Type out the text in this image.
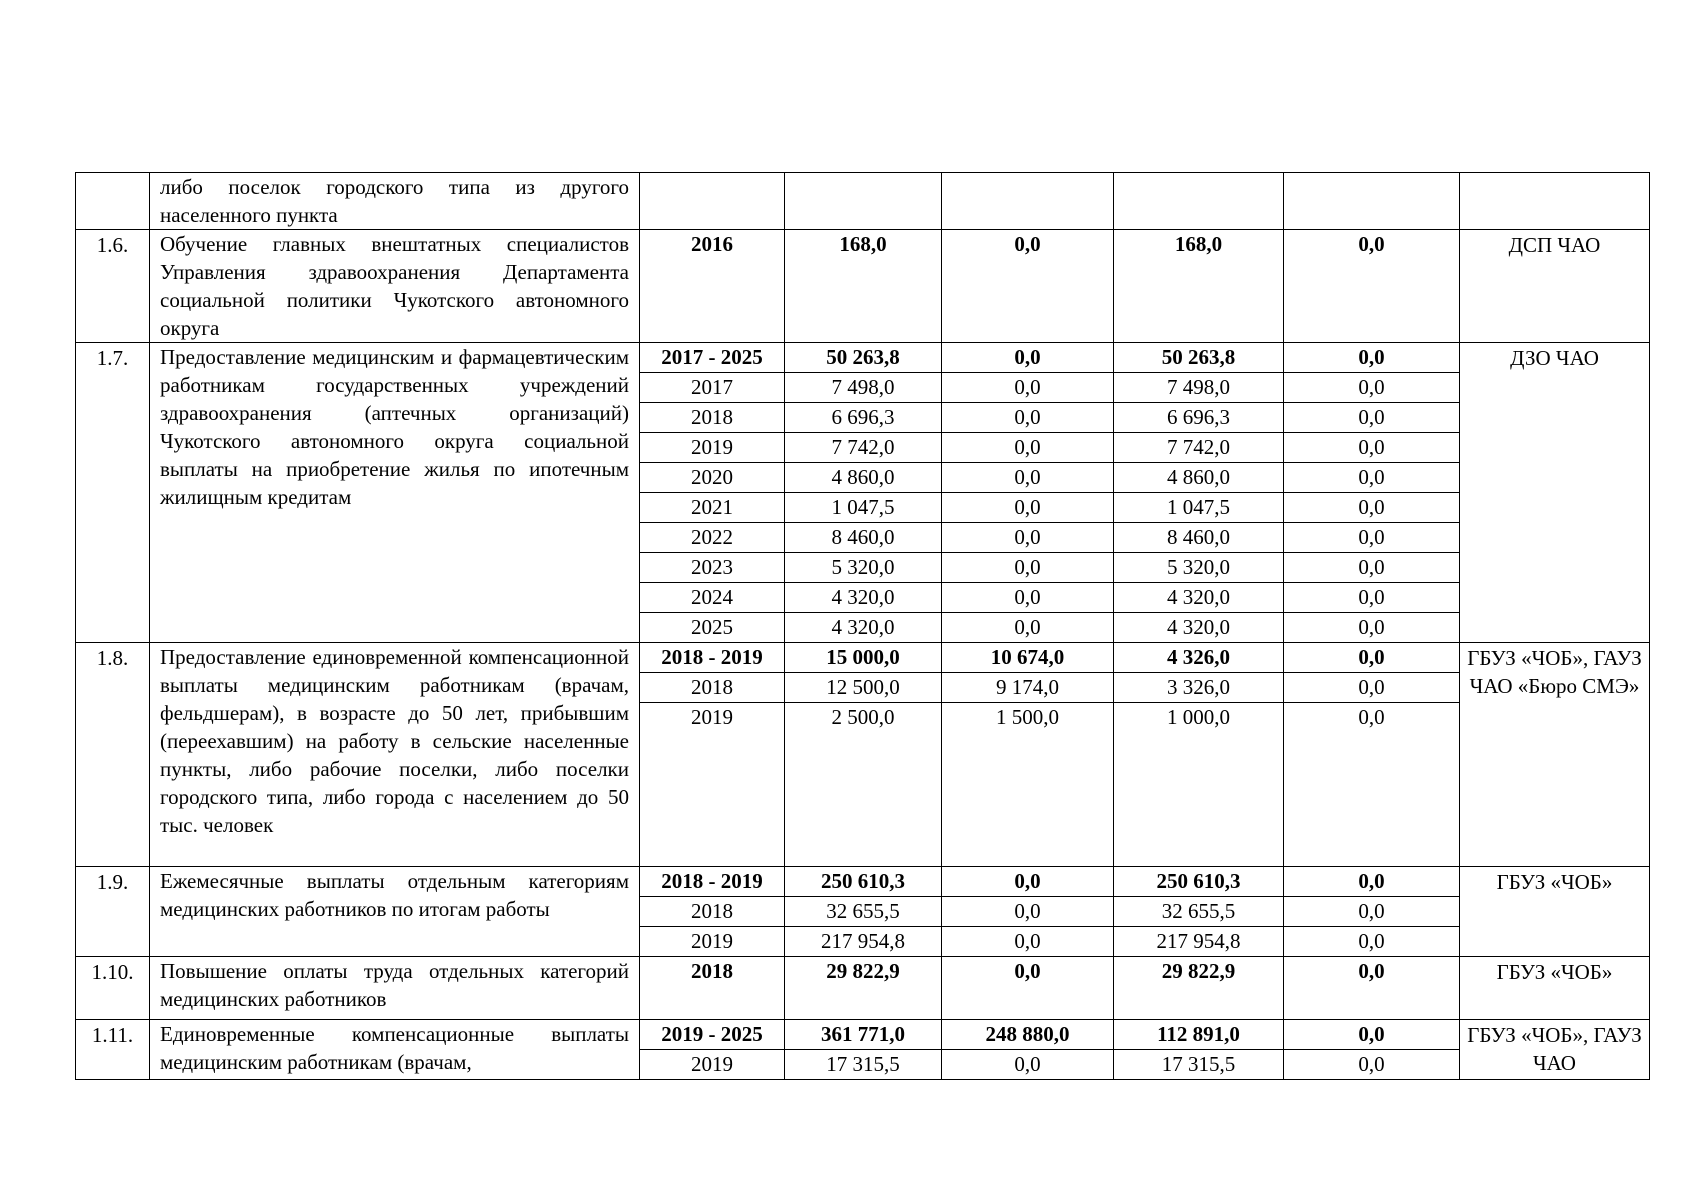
	либо поселок городского типа из другого населенного пункта						
1.6.	Обучение главных внештатных специалистов Управления здравоохранения Департамента социальной политики Чукотского автономного округа	2016	168,0	0,0	168,0	0,0	ДСП ЧАО
1.7.	Предоставление медицинским и фармацевтическим работникам государственных учреждений здравоохранения (аптечных организаций) Чукотского автономного округа социальной выплаты на приобретение жилья по ипотечным жилищным кредитам	2017 - 2025	50 263,8	0,0	50 263,8	0,0	ДЗО ЧАО
		2017	7 498,0	0,0	7 498,0	0,0	
		2018	6 696,3	0,0	6 696,3	0,0	
		2019	7 742,0	0,0	7 742,0	0,0	
		2020	4 860,0	0,0	4 860,0	0,0	
		2021	1 047,5	0,0	1 047,5	0,0	
		2022	8 460,0	0,0	8 460,0	0,0	
		2023	5 320,0	0,0	5 320,0	0,0	
		2024	4 320,0	0,0	4 320,0	0,0	
		2025	4 320,0	0,0	4 320,0	0,0	
1.8.	Предоставление единовременной компенсационной выплаты медицинским работникам (врачам, фельдшерам), в возрасте до 50 лет, прибывшим (переехавшим) на работу в сельские населенные пункты, либо рабочие поселки, либо поселки городского типа, либо города с населением до 50 тыс. человек	2018 - 2019	15 000,0	10 674,0	4 326,0	0,0	ГБУЗ «ЧОБ», ГАУЗ ЧАО «Бюро СМЭ»
		2018	12 500,0	9 174,0	3 326,0	0,0	
		2019	2 500,0	1 500,0	1 000,0	0,0	
1.9.	Ежемесячные выплаты отдельным категориям медицинских работников по итогам работы	2018 - 2019	250 610,3	0,0	250 610,3	0,0	ГБУЗ «ЧОБ»
		2018	32 655,5	0,0	32 655,5	0,0	
		2019	217 954,8	0,0	217 954,8	0,0	
1.10.	Повышение оплаты труда отдельных категорий медицинских работников	2018	29 822,9	0,0	29 822,9	0,0	ГБУЗ «ЧОБ»
1.11.	Единовременные компенсационные выплаты медицинским работникам (врачам,	2019 - 2025	361 771,0	248 880,0	112 891,0	0,0	ГБУЗ «ЧОБ», ГАУЗ ЧАО
		2019	17 315,5	0,0	17 315,5	0,0	
